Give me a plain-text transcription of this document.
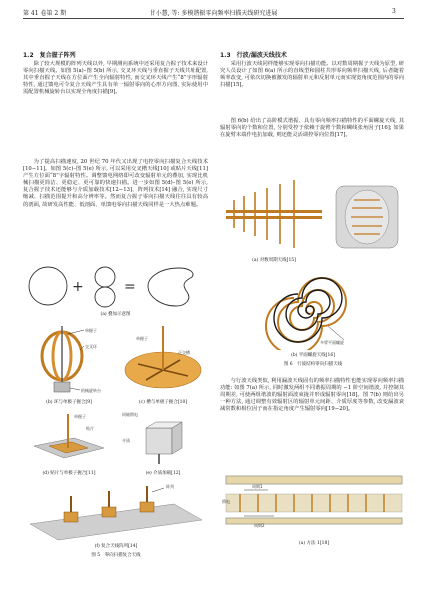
第 41 卷第 2 期	甘小慧, 等: 多模谐振零向频率扫描天线研究进展	3
1.2　复合握子阵列
除了较大规模的阵列天线以外, 早期测向系统中还采用复合握子技术来设计零向扫描天线。如图 5(a)–图 5(b) 所示, 交叉环天线与垂直握子天线共址配置, 其中垂直握子天线在方位面产生全向辐射特性, 而交叉环天线产生“8”字形辐射特性, 通过馈电可令复合天线产生具有单一辐射零向的心形方向图, 实际使用中需配置机械旋转台以实现全角度扫描[9]。
为了提高扫描速度, 20 世纪 70 年代又出现了电控零向扫描复合天线技术[10−11]。如图 5(c)–图 5(e) 所示, 可以采用交叉槽天线[10] 或贴片天线[11] 产生方位面“8”字辐射特性。调整馈电网络即可改变辐射单元的叠加, 实现比机械扫描更简洁、更稳定、更可靠的快速扫描。进一步如图 5(d)–图 5(e) 所示, 复合握子技术还能够与介质加载技术[12−13]、阵列技术[14] 融合, 实现尺寸缩减、扫描范围提升和高分辨率等。然而复合握子零向扫描天线往往具有较高的剖面, 故研发高性能、低剖面、单馈电零向扫描天线同样是一大热点难题。
+	=
(a) 叠加示意图
单握子
交叉环
机械旋转台
(b) 环与单极子握合[9]
单握子
正交槽
(c) 槽与单极子握合[10]
单握子
贴片
(d) 贴片与单极子握合[11]
同轴馈电
介质
(e) 介质加载[12]
阵列
(f) 复合天线阵列[14]
图 5　零向扫描复合天线
1.3　行波/漏波天线技术
采用行波天线同样能够实现零向扫描功能。以对数周期握子天线为原型, 研究人员设计了如图 6(a) 所示的直线型和圆柱共形零向频率扫描天线, 后者随着频率改变, 可依次切换被激发的辐射单元和反射单元而实现宽角度范围内的零向扫描[15]。
图 6(b) 给出了高阶模式谐振、具有零向频率扫描特性的平面螺旋天线, 其辐射零向的个数和位置, 分别受控于依赖于旋臂个数和螺线张角因子[16]; 如果在旋臂末端作电抗加载, 则还能灵活调控零向位置[17]。
(a) 对数周期天线[15]
多臂平面螺旋
(b) 平面螺旋天线[16]
图 6　行波结构零向扫描天线
与行波天线类似, 利用漏波天线固有的频率扫描特性也能实现零向频率扫描功能: 如图 7(a) 所示, 同时激发两组不同谐振周期的 −1 阶空间谐波, 并控制其周期差, 可使两组谐波的辐射面波束拢并形成辐射零向[18]。图 7(b) 则给出另一种方法, 通过调整有效辐射区的辐射单元间距、介质厚度等参数, 改变漏波衰减常数和相位因子而在指定角度产生辐射零向[19−20]。
周期1
馈电
周期2
(a) 方法 1[18]
